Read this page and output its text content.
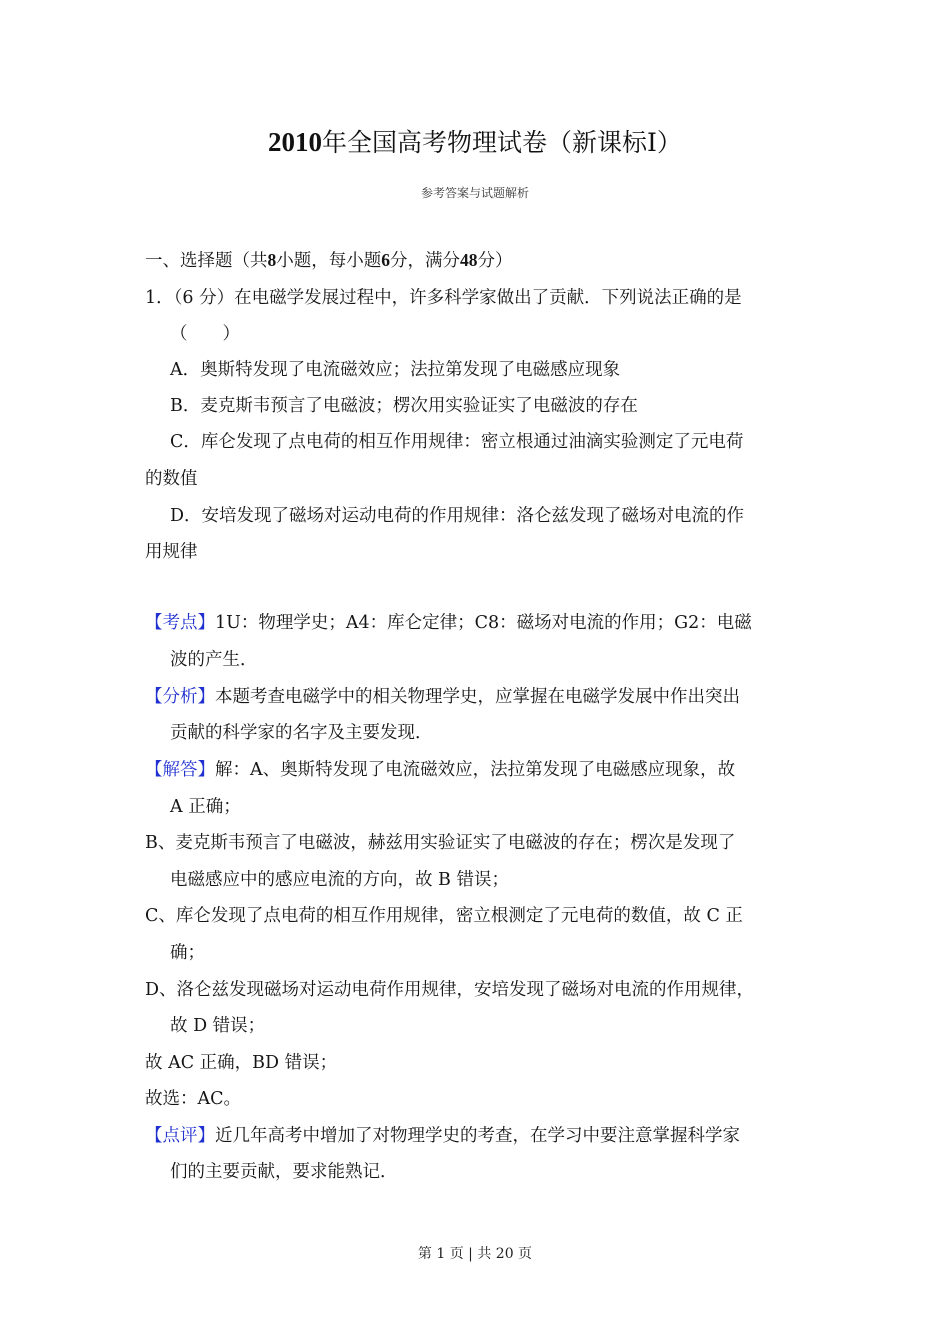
2010年全国高考物理试卷（新课标Ⅰ）
参考答案与试题解析
一、选择题（共8小题，每小题6分，满分48分）
1．（6 分）在电磁学发展过程中，许多科学家做出了贡献．下列说法正确的是
（　　）
A．奥斯特发现了电流磁效应；法拉第发现了电磁感应现象
B．麦克斯韦预言了电磁波；楞次用实验证实了电磁波的存在
C．库仑发现了点电荷的相互作用规律：密立根通过油滴实验测定了元电荷
的数值
D．安培发现了磁场对运动电荷的作用规律：洛仑兹发现了磁场对电流的作
用规律
【考点】1U：物理学史；A4：库仑定律；C8：磁场对电流的作用；G2：电磁
波的产生．
【分析】本题考查电磁学中的相关物理学史，应掌握在电磁学发展中作出突出
贡献的科学家的名字及主要发现．
【解答】解：A、奥斯特发现了电流磁效应，法拉第发现了电磁感应现象，故
A 正确；
B、麦克斯韦预言了电磁波，赫兹用实验证实了电磁波的存在；楞次是发现了
电磁感应中的感应电流的方向，故 B 错误；
C、库仑发现了点电荷的相互作用规律，密立根测定了元电荷的数值，故 C 正
确；
D、洛仑兹发现磁场对运动电荷作用规律，安培发现了磁场对电流的作用规律，
故 D 错误；
故 AC 正确，BD 错误；
故选：AC。
【点评】近几年高考中增加了对物理学史的考查，在学习中要注意掌握科学家
们的主要贡献，要求能熟记．
第 1 页 | 共 20 页
